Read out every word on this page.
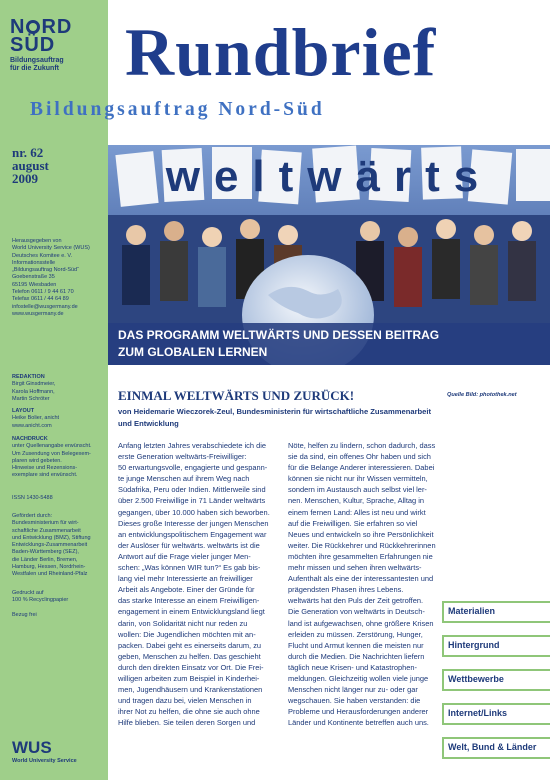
N RD
SÜD
Bildungsauftrag
für die Zukunft
nr. 62
august
2009
Herausgegeben von
World University Service (WUS)
Deutsches Komitee e. V.
Informationsstelle
„Bildungsauftrag Nord-Süd“
Goebenstraße 35
65195 Wiesbaden
Telefon 0611 / 9 44 61 70
Telefax 0611 / 44 64 89
infostelle@wusgermany.de
www.wusgermany.de
REDAKTION
Birgit Ginsdmeier,
Karola Hoffmann,
Martin Schröter
LAYOUT
Heike Bolier, anicht
www.anicht.com
NACHDRUCK
unter Quellenangabe erwünscht.
Um Zusendung von Belegexem-
plaren wird gebeten.
Hinweise und Rezensions-
exemplare sind erwünscht.
ISSN 1430-5488
Gefördert durch:
Bundesministerium für wirt-
schaftliche Zusammenarbeit
und Entwicklung (BMZ), Stiftung
Entwicklungs-Zusammenarbeit
Baden-Württemberg (SEZ),
die Länder Berlin, Bremen,
Hamburg, Hessen, Nordrhein-
Westfalen und Rheinland-Pfalz
Gedruckt auf
100 % Recyclingpapier
Bezug frei
WUS
World University Service
Rundbrief
Bildungsauftrag Nord-Süd
weltwärts
DAS PROGRAMM WELTWÄRTS UND DESSEN BEITRAG
ZUM GLOBALEN LERNEN
EINMAL WELTWÄRTS UND ZURÜCK!	Quelle Bild: photothek.net
von Heidemarie Wieczorek-Zeul, Bundesministerin für wirtschaftliche Zusammenarbeit
und Entwicklung
Anfang letzten Jahres verabschiedete ich die
erste Generation weltwärts-Freiwilliger:
50 erwartungsvolle, engagierte und gespann-
te junge Menschen auf ihrem Weg nach
Südafrika, Peru oder Indien. Mittlerweile sind
über 2.500 Freiwillige in 71 Länder weltwärts
gegangen, über 10.000 haben sich beworben.
Dieses große Interesse der jungen Menschen
an entwicklungspolitischem Engagement war
der Auslöser für weltwärts. weltwärts ist die
Antwort auf die Frage vieler junger Men-
schen: „Was können WIR tun?“ Es gab bis-
lang viel mehr Interessierte an freiwilliger
Arbeit als Angebote. Einer der Gründe für
das starke Interesse an einem Freiwilligen-
engagement in einem Entwicklungsland liegt
darin, von Solidarität nicht nur reden zu
wollen: Die Jugendlichen möchten mit an-
packen. Dabei geht es einerseits darum, zu
geben, Menschen zu helfen. Das geschieht
durch den direkten Einsatz vor Ort. Die Frei-
willigen arbeiten zum Beispiel in Kinderhei-
men, Jugendhäusern und Krankenstationen
und tragen dazu bei, vielen Menschen in
ihrer Not zu helfen, die ohne sie auch ohne
Hilfe blieben. Sie teilen deren Sorgen und
Nöte, helfen zu lindern, schon dadurch, dass
sie da sind, ein offenes Ohr haben und sich
für die Belange Anderer interessieren. Dabei
können sie nicht nur ihr Wissen vermitteln,
sondern im Austausch auch selbst viel ler-
nen. Menschen, Kultur, Sprache, Alltag in
einem fernen Land: Alles ist neu und wirkt
auf die Freiwilligen. Sie erfahren so viel
Neues und entwickeln so ihre Persönlichkeit
weiter. Die Rückkehrer und Rückkehrerinnen
möchten ihre gesammelten Erfahrungen nie
mehr missen und sehen ihren weltwärts-
Aufenthalt als eine der interessantesten und
prägendsten Phasen ihres Lebens.
weltwärts hat den Puls der Zeit getroffen.
Die Generation von weltwärts in Deutsch-
land ist aufgewachsen, ohne größere Krisen
erleiden zu müssen. Zerstörung, Hunger,
Flucht und Armut kennen die meisten nur
durch die Medien. Die Nachrichten liefern
täglich neue Krisen- und Katastrophen-
meldungen. Gleichzeitig wollen viele junge
Menschen nicht länger nur zu- oder gar
wegschauen. Sie haben verstanden: die
Probleme und Herausforderungen anderer
Länder und Kontinente betreffen auch uns.
Materialien
Hintergrund
Wettbewerbe
Internet/Links
Welt, Bund & Länder
